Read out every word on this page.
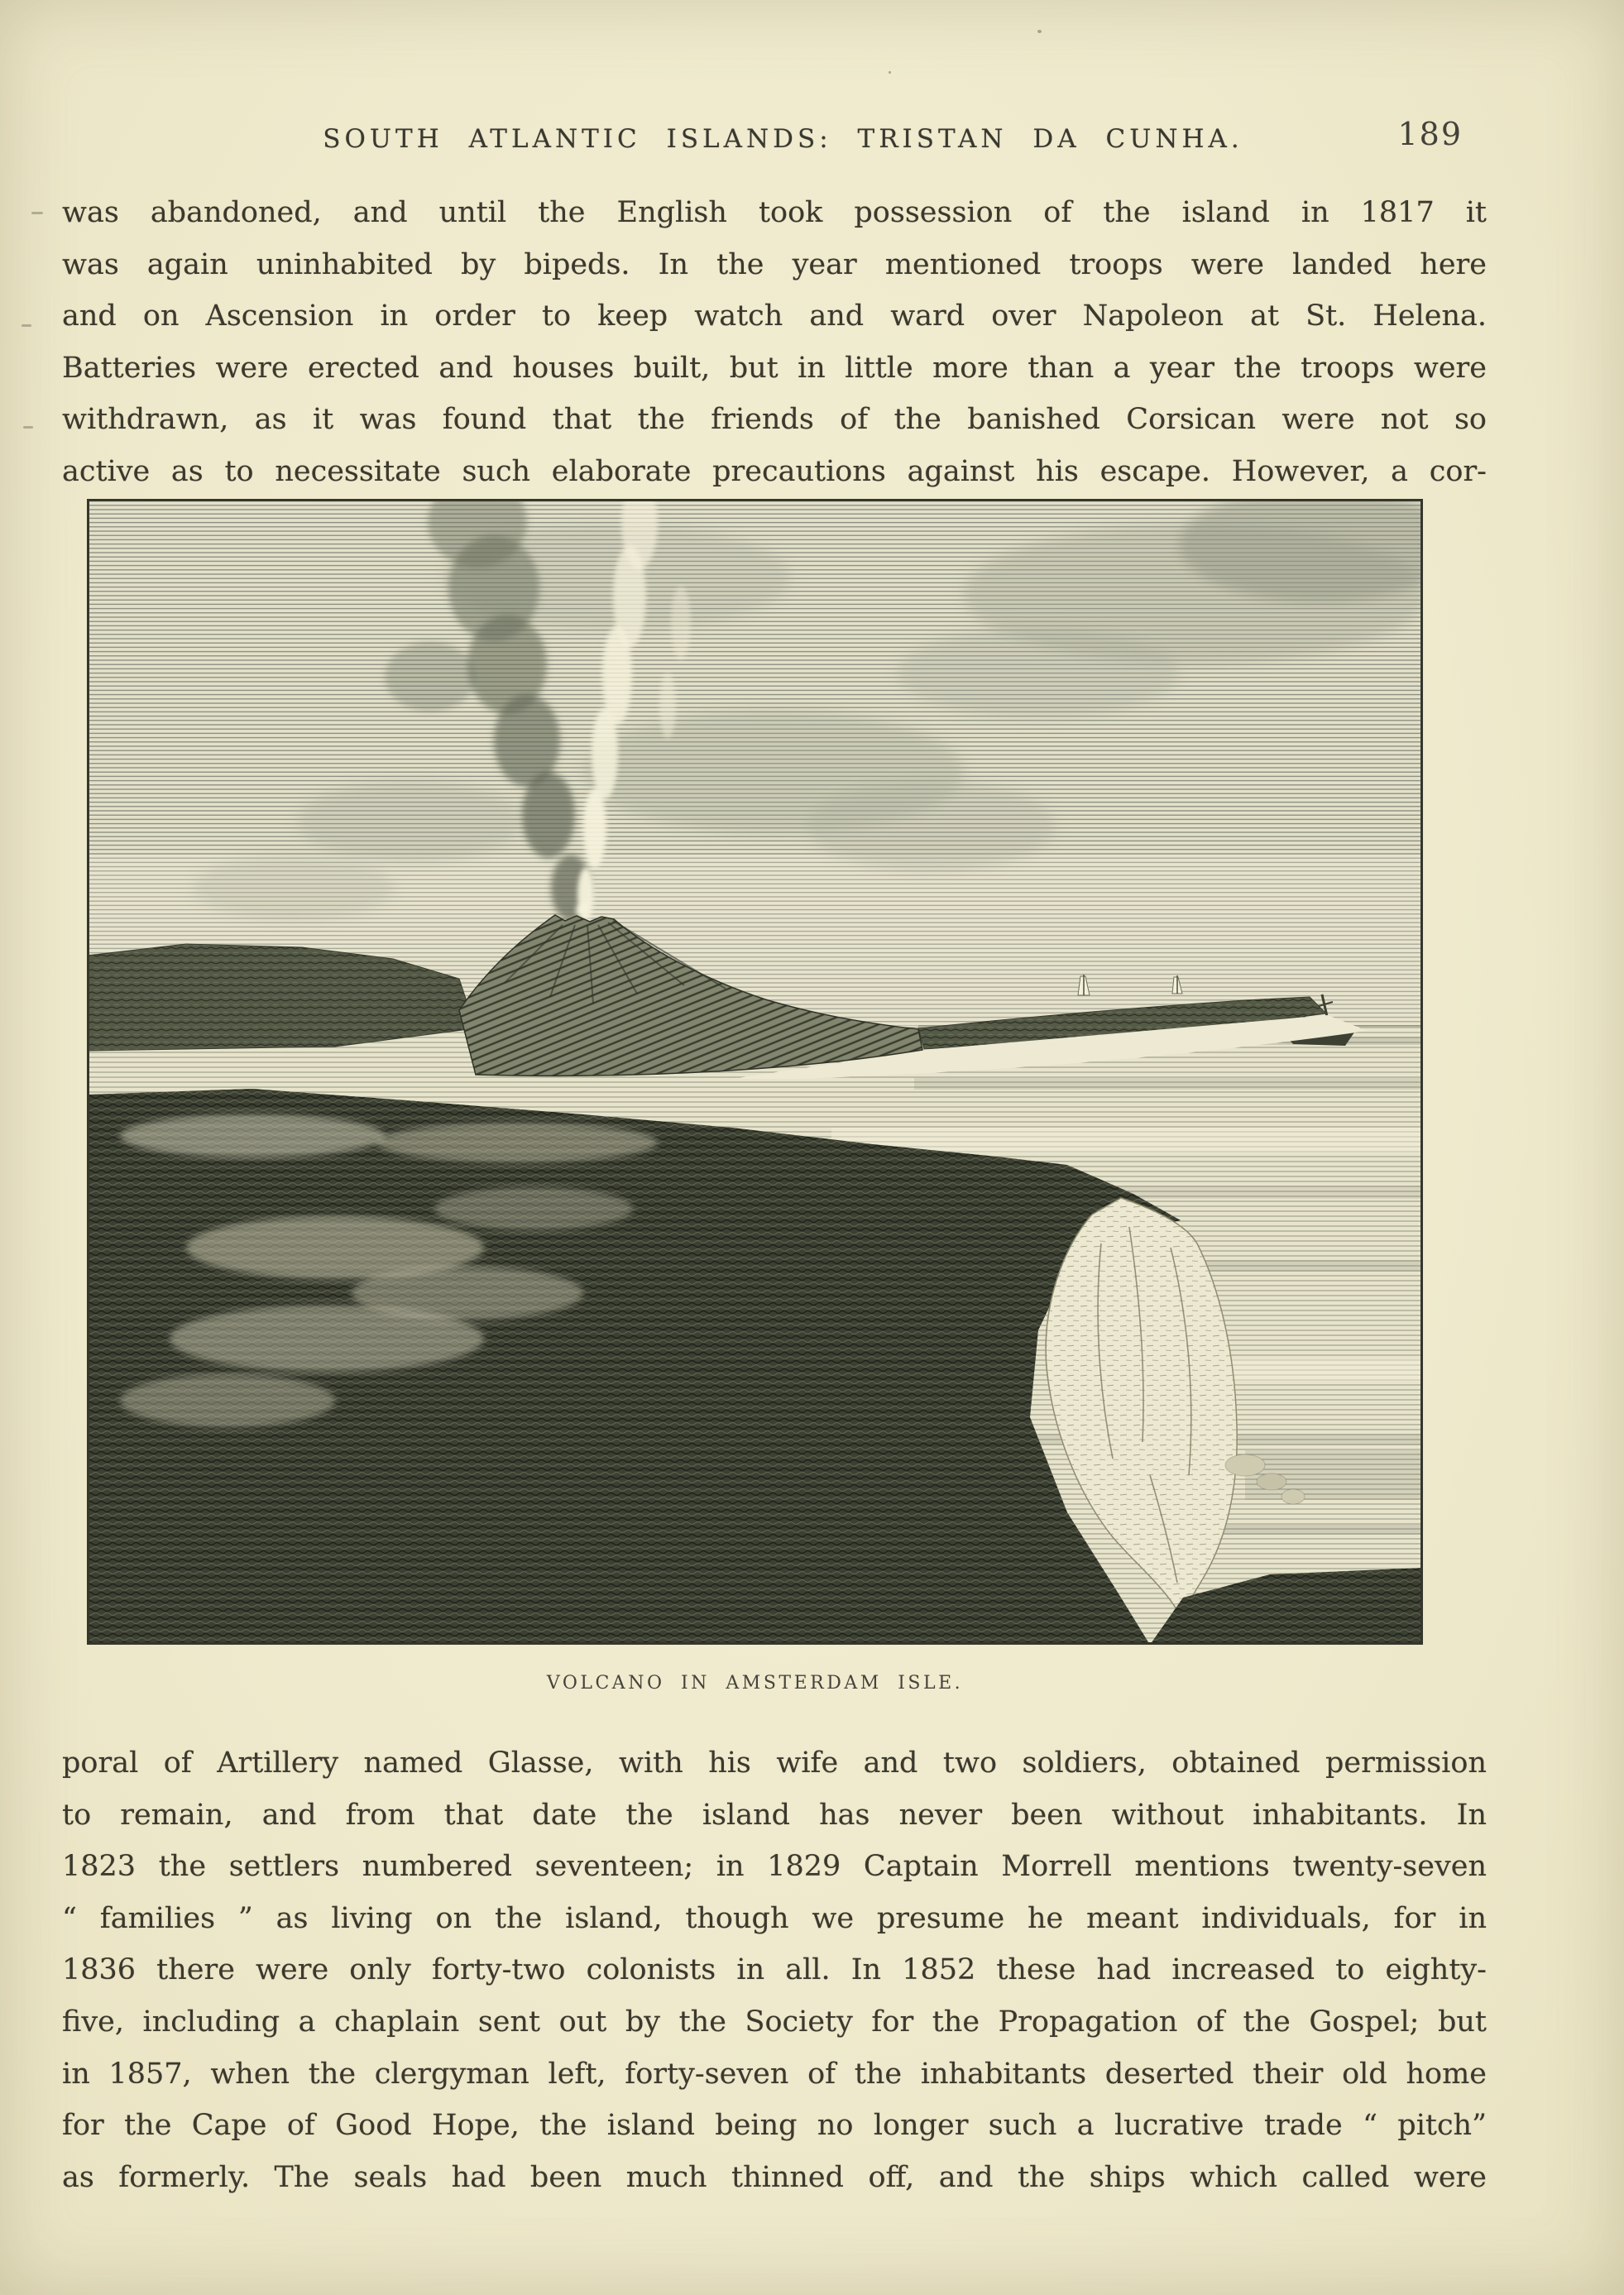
SOUTH ATLANTIC ISLANDS: TRISTAN DA CUNHA.	189
was abandoned, and until the English took possession of the island in 1817 it
was again uninhabited by bipeds. In the year mentioned troops were landed here
and on Ascension in order to keep watch and ward over Napoleon at St. Helena.
Batteries were erected and houses built, but in little more than a year the troops were
withdrawn, as it was found that the friends of the banished Corsican were not so
active as to necessitate such elaborate precautions against his escape. However, a cor-
VOLCANO IN AMSTERDAM ISLE.
poral of Artillery named Glasse, with his wife and two soldiers, obtained permission
to remain, and from that date the island has never been without inhabitants. In
1823 the settlers numbered seventeen; in 1829 Captain Morrell mentions twenty-seven
“ families ” as living on the island, though we presume he meant individuals, for in
1836 there were only forty-two colonists in all. In 1852 these had increased to eighty-
five, including a chaplain sent out by the Society for the Propagation of the Gospel; but
in 1857, when the clergyman left, forty-seven of the inhabitants deserted their old home
for the Cape of Good Hope, the island being no longer such a lucrative trade “ pitch”
as formerly. The seals had been much thinned off, and the ships which called were
